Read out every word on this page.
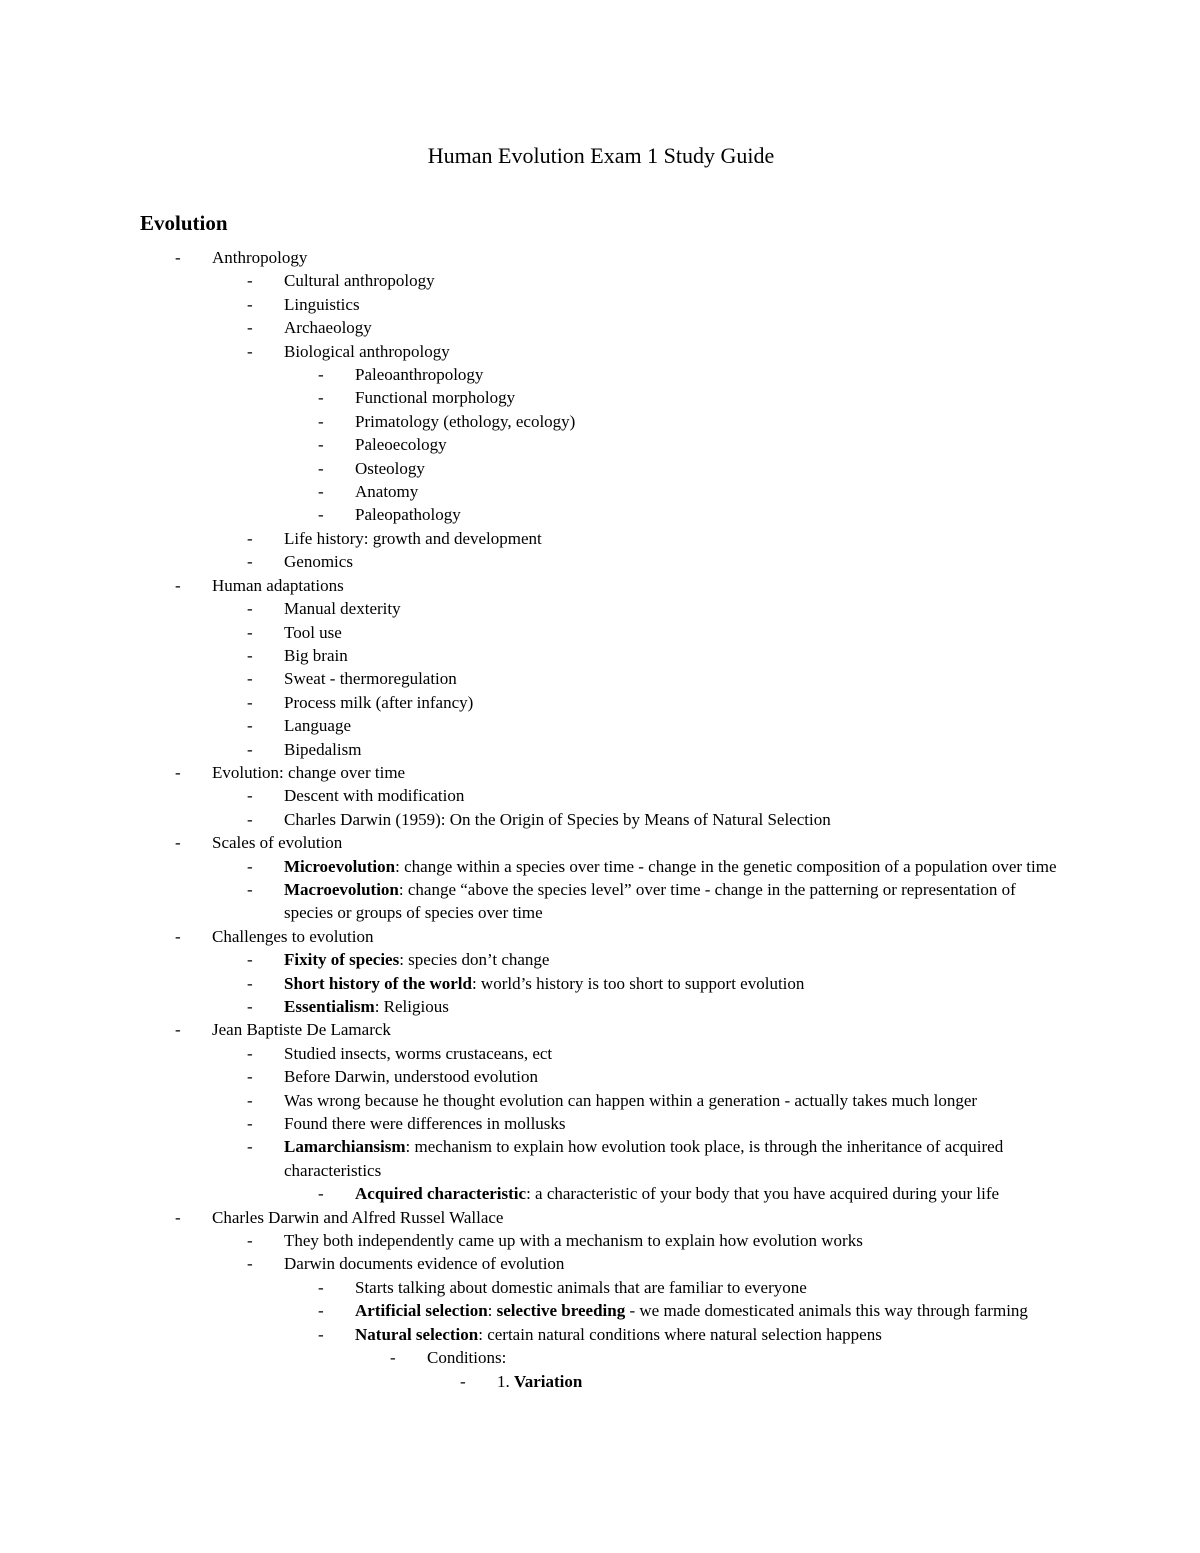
Human Evolution Exam 1 Study Guide
Evolution
-	Anthropology
-	Cultural anthropology
-	Linguistics
-	Archaeology
-	Biological anthropology
-	Paleoanthropology
-	Functional morphology
-	Primatology (ethology, ecology)
-	Paleoecology
-	Osteology
-	Anatomy
-	Paleopathology
-	Life history: growth and development
-	Genomics
-	Human adaptations
-	Manual dexterity
-	Tool use
-	Big brain
-	Sweat - thermoregulation
-	Process milk (after infancy)
-	Language
-	Bipedalism
-	Evolution: change over time
-	Descent with modification
-	Charles Darwin (1959): On the Origin of Species by Means of Natural Selection
-	Scales of evolution
-	Microevolution: change within a species over time - change in the genetic composition of a population over time
-	Macroevolution: change “above the species level” over time - change in the patterning or representation of species or groups of species over time
-	Challenges to evolution
-	Fixity of species: species don’t change
-	Short history of the world: world’s history is too short to support evolution
-	Essentialism: Religious
-	Jean Baptiste De Lamarck
-	Studied insects, worms crustaceans, ect
-	Before Darwin, understood evolution
-	Was wrong because he thought evolution can happen within a generation - actually takes much longer
-	Found there were differences in mollusks
-	Lamarchiansism: mechanism to explain how evolution took place, is through the inheritance of acquired characteristics
-	Acquired characteristic: a characteristic of your body that you have acquired during your life
-	Charles Darwin and Alfred Russel Wallace
-	They both independently came up with a mechanism to explain how evolution works
-	Darwin documents evidence of evolution
-	Starts talking about domestic animals that are familiar to everyone
-	Artificial selection: selective breeding - we made domesticated animals this way through farming
-	Natural selection: certain natural conditions where natural selection happens
-	Conditions:
-	1. Variation
